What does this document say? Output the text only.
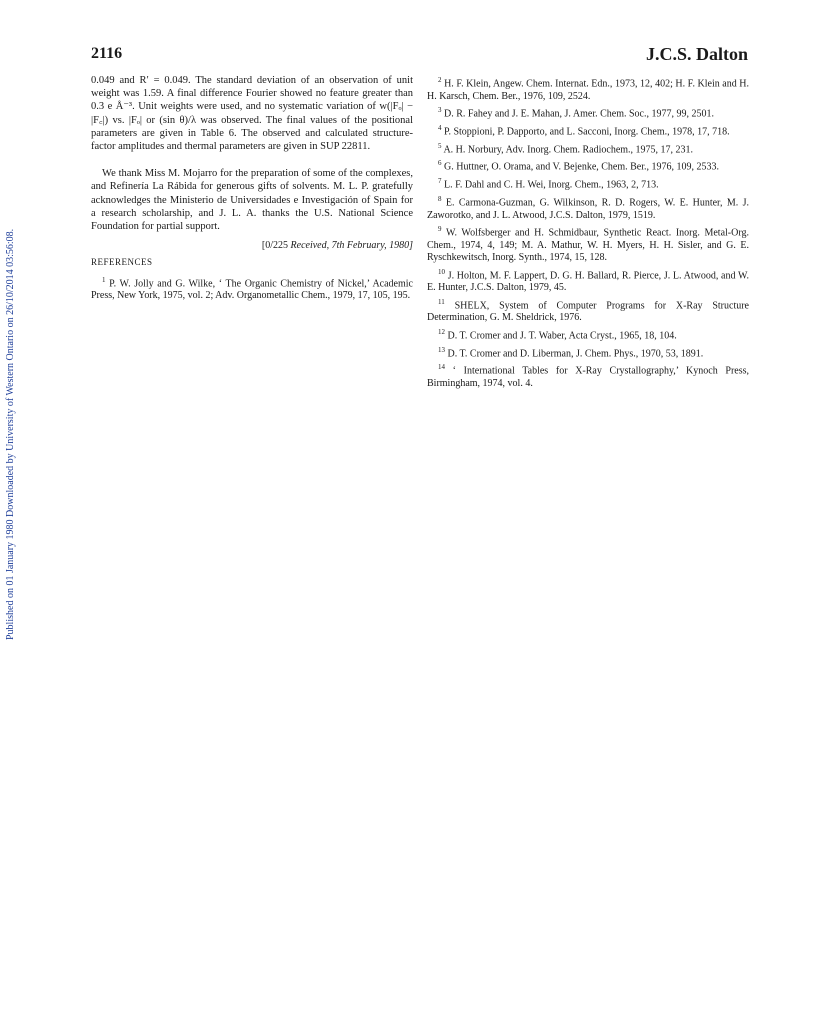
Published on 01 January 1980 Downloaded by University of Western Ontario on 26/10/2014 03:56:08.
2116	J.C.S. Dalton

0.049 and R′ = 0.049. The standard deviation of an observation of unit weight was 1.59. A final difference Fourier showed no feature greater than 0.3 e Å⁻³. Unit weights were used, and no systematic variation of w(|Fₒ| − |F꜀|) vs. |Fₒ| or (sin θ)/λ was observed. The final values of the positional parameters are given in Table 6. The observed and calculated structure-factor amplitudes and thermal parameters are given in SUP 22811.

We thank Miss M. Mojarro for the preparation of some of the complexes, and Refinería La Rábida for generous gifts of solvents. M. L. P. gratefully acknowledges the Ministerio de Universidades e Investigación of Spain for a research scholarship, and J. L. A. thanks the U.S. National Science Foundation for partial support.

[0/225 Received, 7th February, 1980]
REFERENCES
$^1$ P. W. Jolly and G. Wilke, ‘ The Organic Chemistry of Nickel,’ Academic Press, New York, 1975, vol. 2; Adv. Organometallic Chem., 1979, 17, 105, 195.
$^2$ H. F. Klein, Angew. Chem. Internat. Edn., 1973, 12, 402; H. F. Klein and H. H. Karsch, Chem. Ber., 1976, 109, 2524.
$^3$ D. R. Fahey and J. E. Mahan, J. Amer. Chem. Soc., 1977, 99, 2501.
$^4$ P. Stoppioni, P. Dapporto, and L. Sacconi, Inorg. Chem., 1978, 17, 718.
$^5$ A. H. Norbury, Adv. Inorg. Chem. Radiochem., 1975, 17, 231.
$^6$ G. Huttner, O. Orama, and V. Bejenke, Chem. Ber., 1976, 109, 2533.
$^7$ L. F. Dahl and C. H. Wei, Inorg. Chem., 1963, 2, 713.
$^8$ E. Carmona-Guzman, G. Wilkinson, R. D. Rogers, W. E. Hunter, M. J. Zaworotko, and J. L. Atwood, J.C.S. Dalton, 1979, 1519.
$^9$ W. Wolfsberger and H. Schmidbaur, Synthetic React. Inorg. Metal-Org. Chem., 1974, 4, 149; M. A. Mathur, W. H. Myers, H. H. Sisler, and G. E. Ryschkewitsch, Inorg. Synth., 1974, 15, 128.
$^{10}$ J. Holton, M. F. Lappert, D. G. H. Ballard, R. Pierce, J. L. Atwood, and W. E. Hunter, J.C.S. Dalton, 1979, 45.
$^{11}$ SHELX, System of Computer Programs for X-Ray Structure Determination, G. M. Sheldrick, 1976.
$^{12}$ D. T. Cromer and J. T. Waber, Acta Cryst., 1965, 18, 104.
$^{13}$ D. T. Cromer and D. Liberman, J. Chem. Phys., 1970, 53, 1891.
$^{14}$ ‘ International Tables for X-Ray Crystallography,’ Kynoch Press, Birmingham, 1974, vol. 4.
